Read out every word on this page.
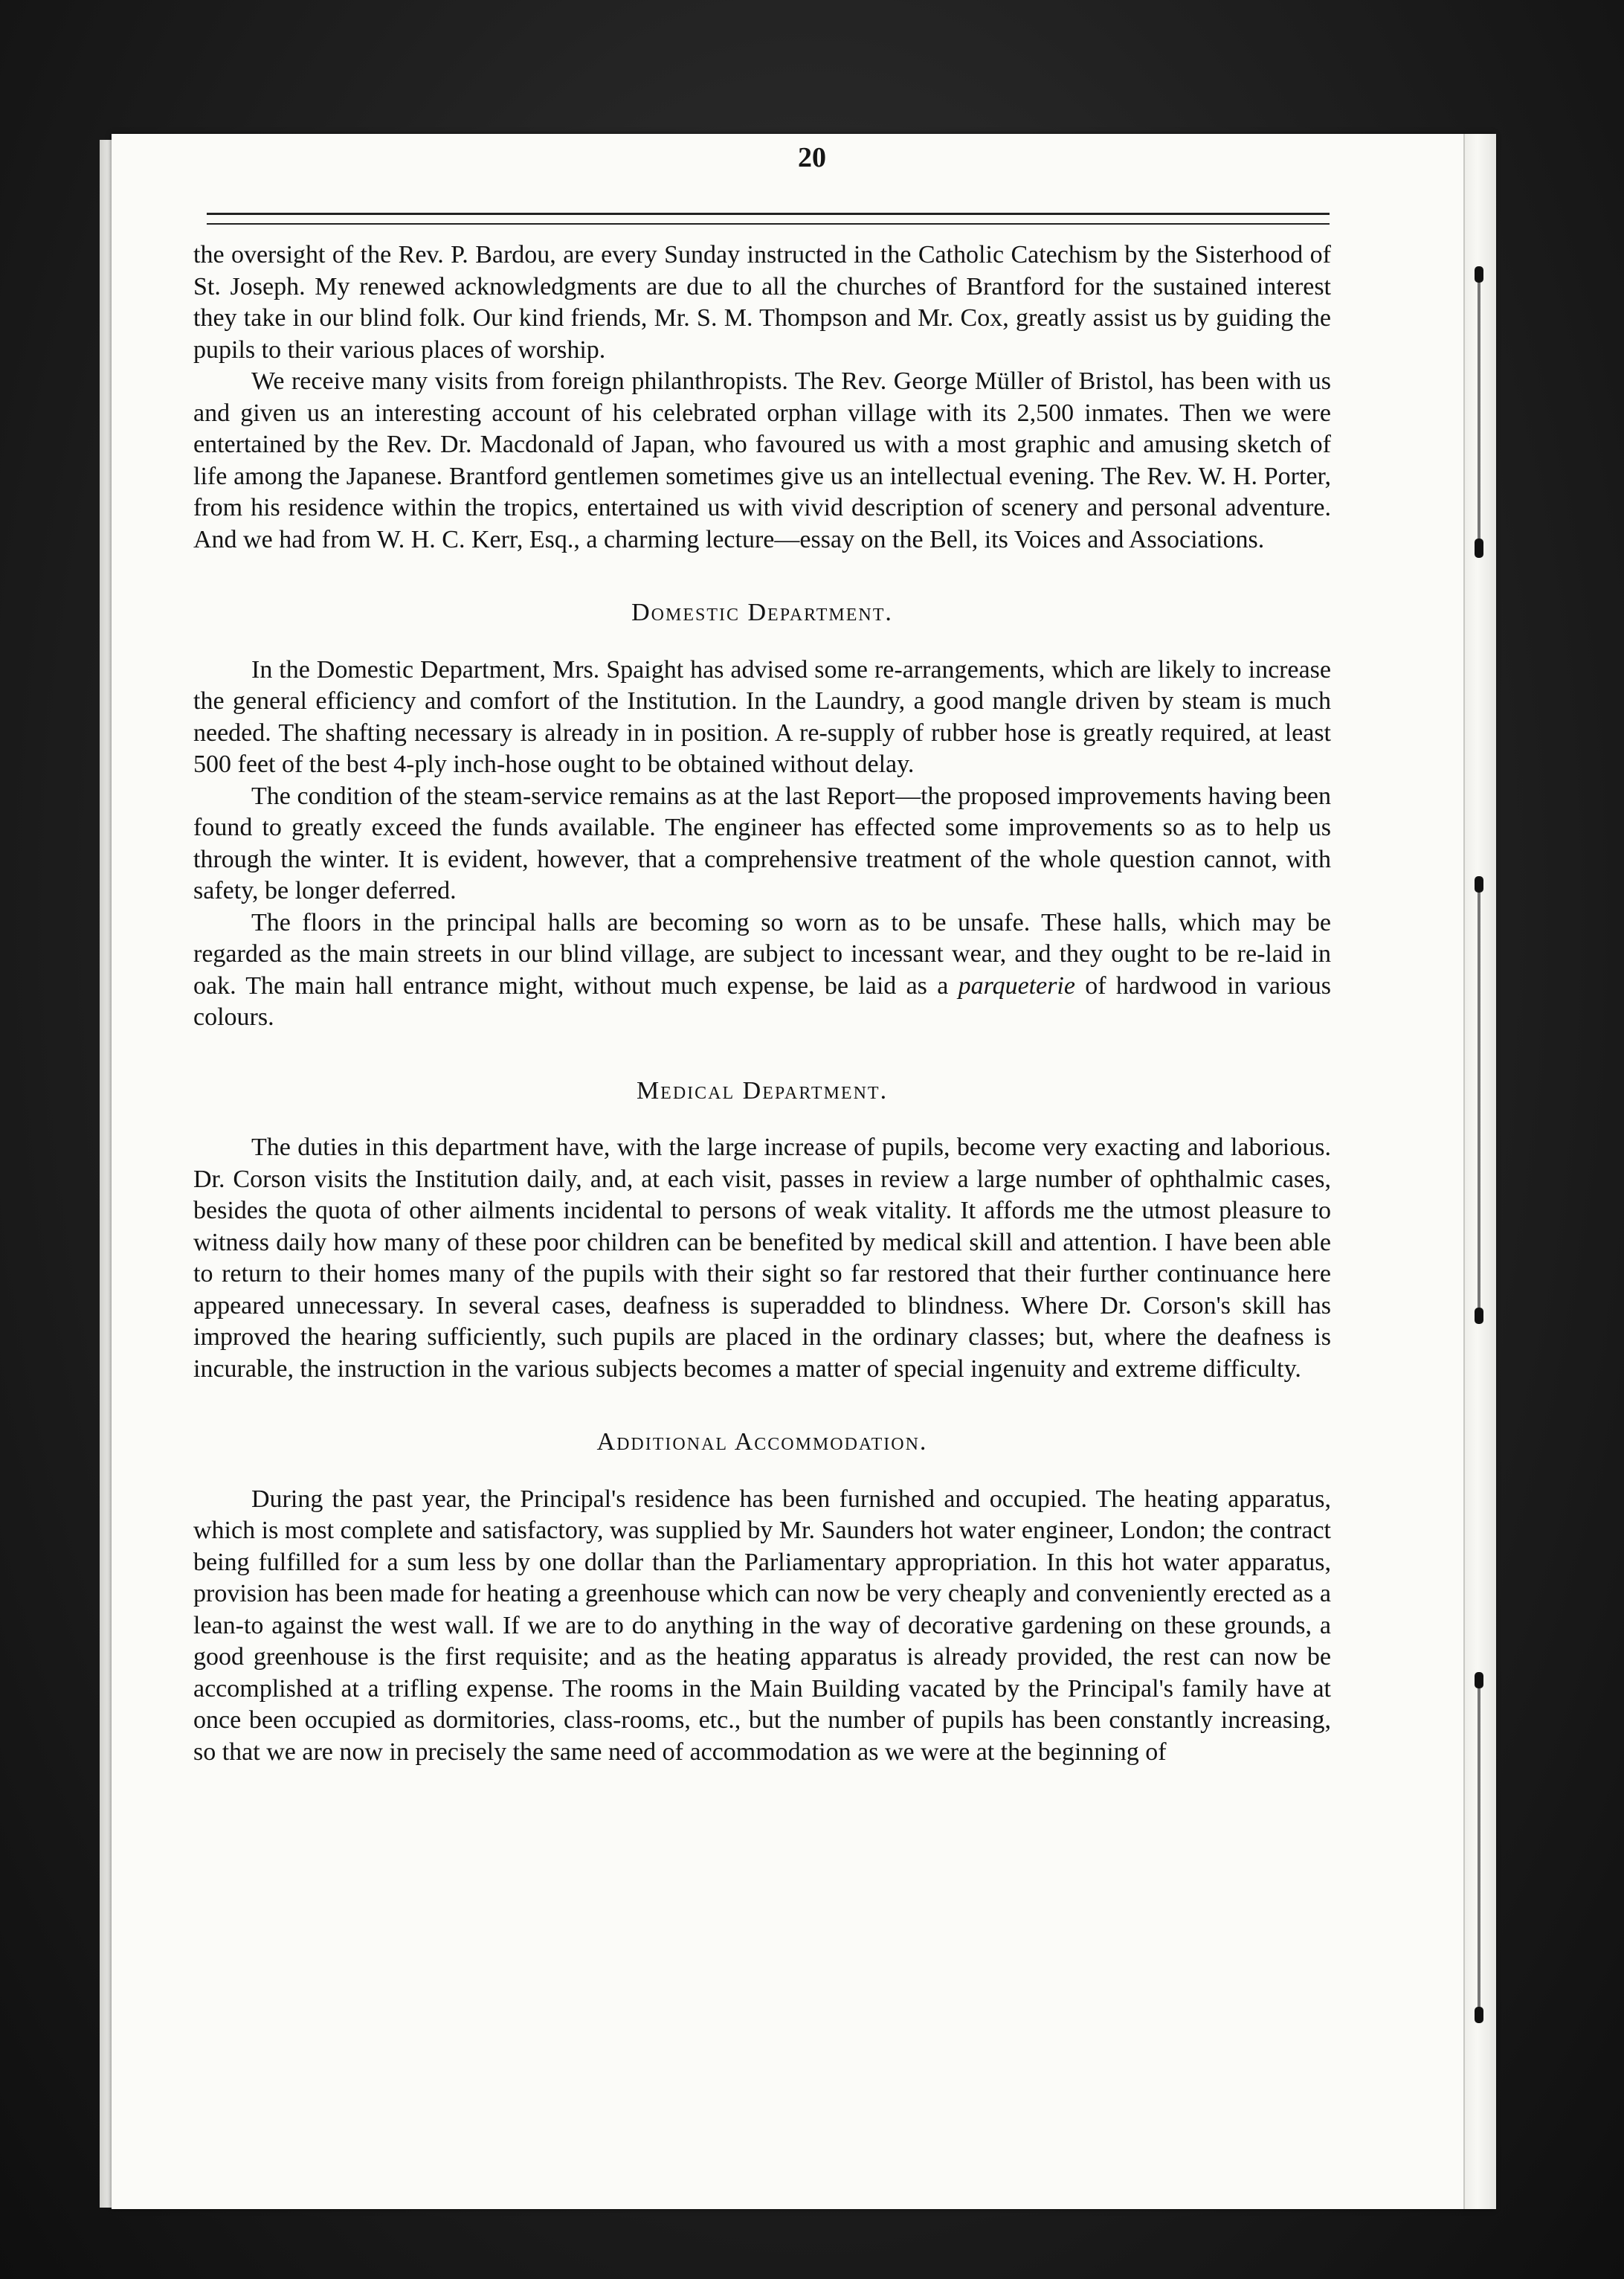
20

the oversight of the Rev. P. Bardou, are every Sunday instructed in the Catholic Catechism by the Sisterhood of St. Joseph. My renewed acknowledgments are due to all the churches of Brantford for the sustained interest they take in our blind folk. Our kind friends, Mr. S. M. Thompson and Mr. Cox, greatly assist us by guiding the pupils to their various places of worship.

We receive many visits from foreign philanthropists. The Rev. George Müller of Bristol, has been with us and given us an interesting account of his celebrated orphan village with its 2,500 inmates. Then we were entertained by the Rev. Dr. Macdonald of Japan, who favoured us with a most graphic and amusing sketch of life among the Japanese. Brantford gentlemen sometimes give us an intellectual evening. The Rev. W. H. Porter, from his residence within the tropics, entertained us with vivid description of scenery and personal adventure. And we had from W. H. C. Kerr, Esq., a charming lecture—essay on the Bell, its Voices and Associations.

Domestic Department.

In the Domestic Department, Mrs. Spaight has advised some re-arrangements, which are likely to increase the general efficiency and comfort of the Institution. In the Laundry, a good mangle driven by steam is much needed. The shafting necessary is already in in position. A re-supply of rubber hose is greatly required, at least 500 feet of the best 4-ply inch-hose ought to be obtained without delay.

The condition of the steam-service remains as at the last Report—the proposed improvements having been found to greatly exceed the funds available. The engineer has effected some improvements so as to help us through the winter. It is evident, however, that a comprehensive treatment of the whole question cannot, with safety, be longer deferred.

The floors in the principal halls are becoming so worn as to be unsafe. These halls, which may be regarded as the main streets in our blind village, are subject to incessant wear, and they ought to be re-laid in oak. The main hall entrance might, without much expense, be laid as a parqueterie of hardwood in various colours.

Medical Department.

The duties in this department have, with the large increase of pupils, become very exacting and laborious. Dr. Corson visits the Institution daily, and, at each visit, passes in review a large number of ophthalmic cases, besides the quota of other ailments incidental to persons of weak vitality. It affords me the utmost pleasure to witness daily how many of these poor children can be benefited by medical skill and attention. I have been able to return to their homes many of the pupils with their sight so far restored that their further continuance here appeared unnecessary. In several cases, deafness is superadded to blindness. Where Dr. Corson's skill has improved the hearing sufficiently, such pupils are placed in the ordinary classes; but, where the deafness is incurable, the instruction in the various subjects becomes a matter of special ingenuity and extreme difficulty.

Additional Accommodation.

During the past year, the Principal's residence has been furnished and occupied. The heating apparatus, which is most complete and satisfactory, was supplied by Mr. Saunders hot water engineer, London; the contract being fulfilled for a sum less by one dollar than the Parliamentary appropriation. In this hot water apparatus, provision has been made for heating a greenhouse which can now be very cheaply and conveniently erected as a lean-to against the west wall. If we are to do anything in the way of decorative gardening on these grounds, a good greenhouse is the first requisite; and as the heating apparatus is already provided, the rest can now be accomplished at a trifling expense. The rooms in the Main Building vacated by the Principal's family have at once been occupied as dormitories, class-rooms, etc., but the number of pupils has been constantly increasing, so that we are now in precisely the same need of accommodation as we were at the beginning of
